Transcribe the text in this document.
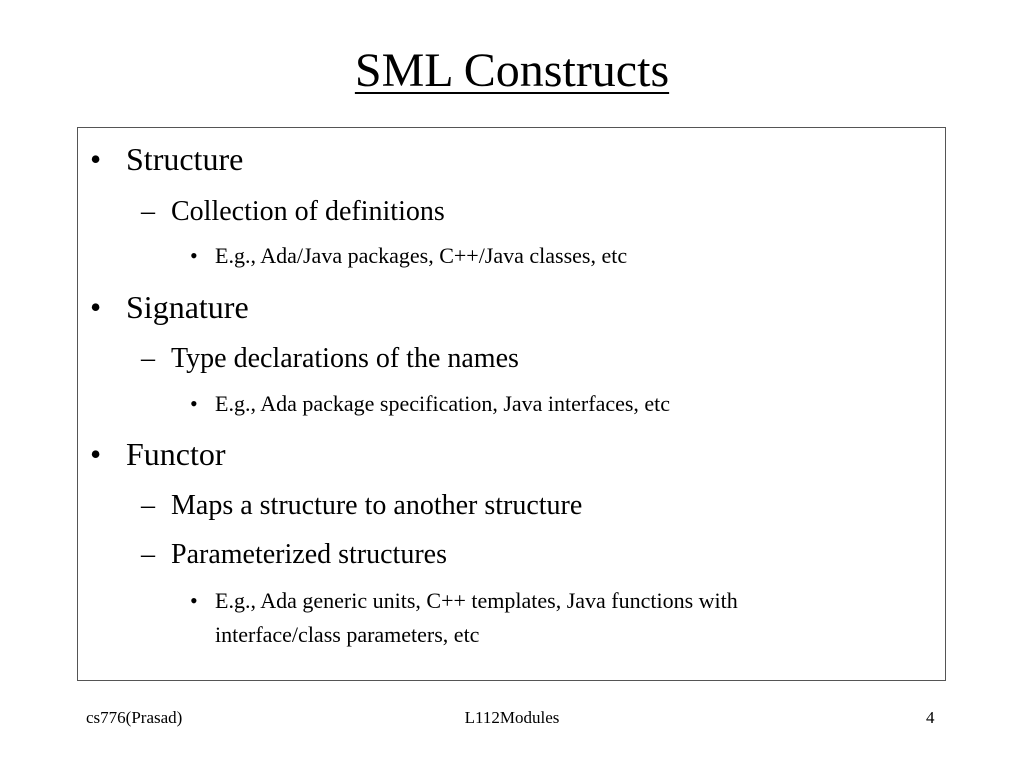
SML Constructs
• Structure
– Collection of definitions
• E.g., Ada/Java packages, C++/Java classes, etc
• Signature
– Type declarations of the names
• E.g., Ada package specification, Java interfaces, etc
• Functor
– Maps a structure to another structure
– Parameterized structures
• E.g., Ada generic units, C++ templates, Java functions with
interface/class parameters, etc
cs776(Prasad)	L112Modules	4
